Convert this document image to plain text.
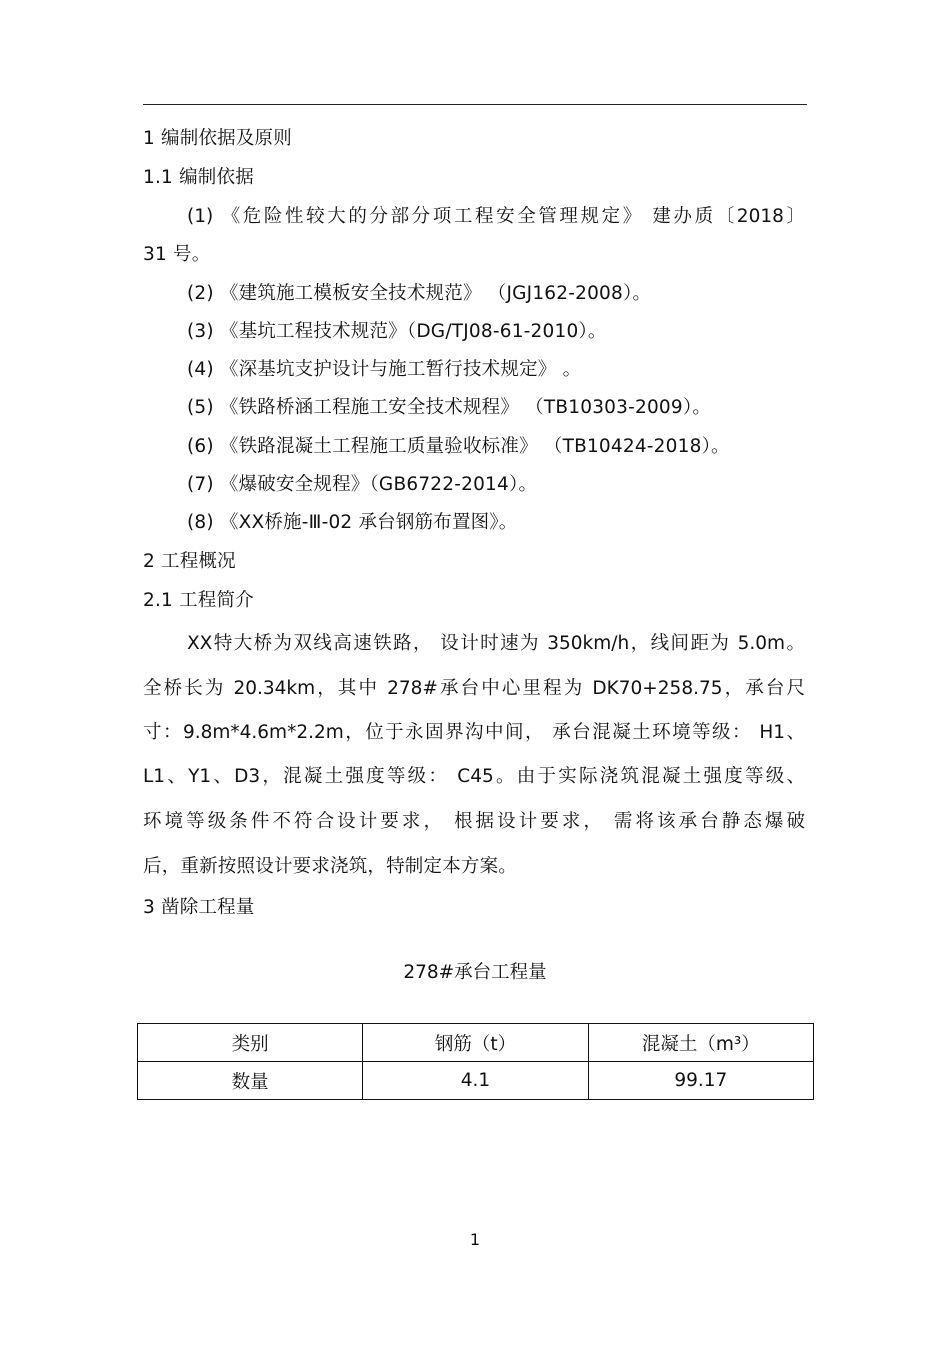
1 编制依据及原则
1.1 编制依据
(1) 《危险性较大的分部分项工程安全管理规定》 建办质〔2018〕
31 号。
(2) 《建筑施工模板安全技术规范》 （JGJ162-2008）。
(3) 《基坑工程技术规范》（DG/TJ08-61-2010）。
(4) 《深基坑支护设计与施工暂行技术规定》 。
(5) 《铁路桥涵工程施工安全技术规程》 （TB10303-2009）。
(6) 《铁路混凝土工程施工质量验收标准》 （TB10424-2018）。
(7) 《爆破安全规程》（GB6722-2014）。
(8) 《XX桥施-Ⅲ-02 承台钢筋布置图》。
2 工程概况
2.1 工程简介
XX特大桥为双线高速铁路， 设计时速为 350km/h，线间距为 5.0m。
全桥长为 20.34km，其中 278#承台中心里程为 DK70+258.75，承台尺
寸：9.8m*4.6m*2.2m，位于永固界沟中间， 承台混凝土环境等级： H1、
L1、Y1、D3，混凝土强度等级： C45。由于实际浇筑混凝土强度等级、
环境等级条件不符合设计要求， 根据设计要求， 需将该承台静态爆破
后，重新按照设计要求浇筑，特制定本方案。
3 凿除工程量
278#承台工程量
类别	钢筋（t）	混凝土（m³）
数量	4.1	99.17
1
